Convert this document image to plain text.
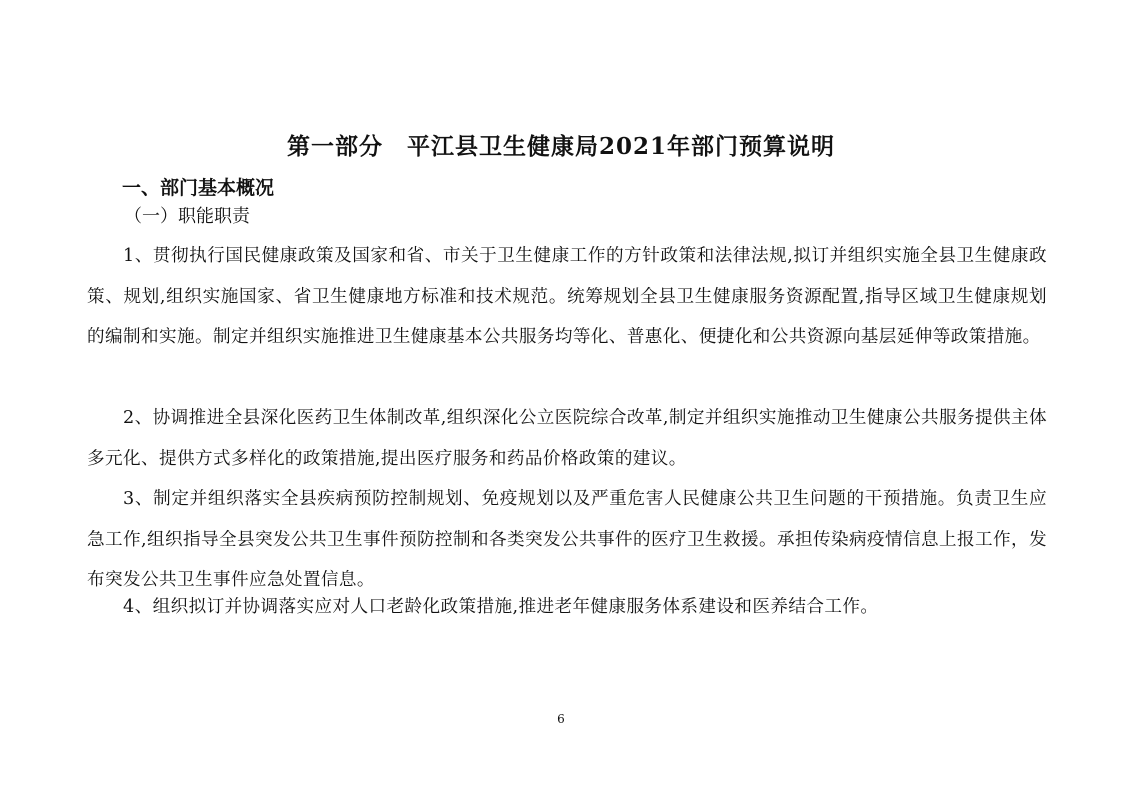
第一部分　平江县卫生健康局2021年部门预算说明
一、部门基本概况
（一）职能职责

1、贯彻执行国民健康政策及国家和省、市关于卫生健康工作的方针政策和法律法规,拟订并组织实施全县卫生健康政策、规划,组织实施国家、省卫生健康地方标准和技术规范。统筹规划全县卫生健康服务资源配置,指导区域卫生健康规划的编制和实施。制定并组织实施推进卫生健康基本公共服务均等化、普惠化、便捷化和公共资源向基层延伸等政策措施。

2、协调推进全县深化医药卫生体制改革,组织深化公立医院综合改革,制定并组织实施推动卫生健康公共服务提供主体多元化、提供方式多样化的政策措施,提出医疗服务和药品价格政策的建议。

3、制定并组织落实全县疾病预防控制规划、免疫规划以及严重危害人民健康公共卫生问题的干预措施。负责卫生应急工作,组织指导全县突发公共卫生事件预防控制和各类突发公共事件的医疗卫生救援。承担传染病疫情信息上报工作，发布突发公共卫生事件应急处置信息。

4、组织拟订并协调落实应对人口老龄化政策措施,推进老年健康服务体系建设和医养结合工作。

6
